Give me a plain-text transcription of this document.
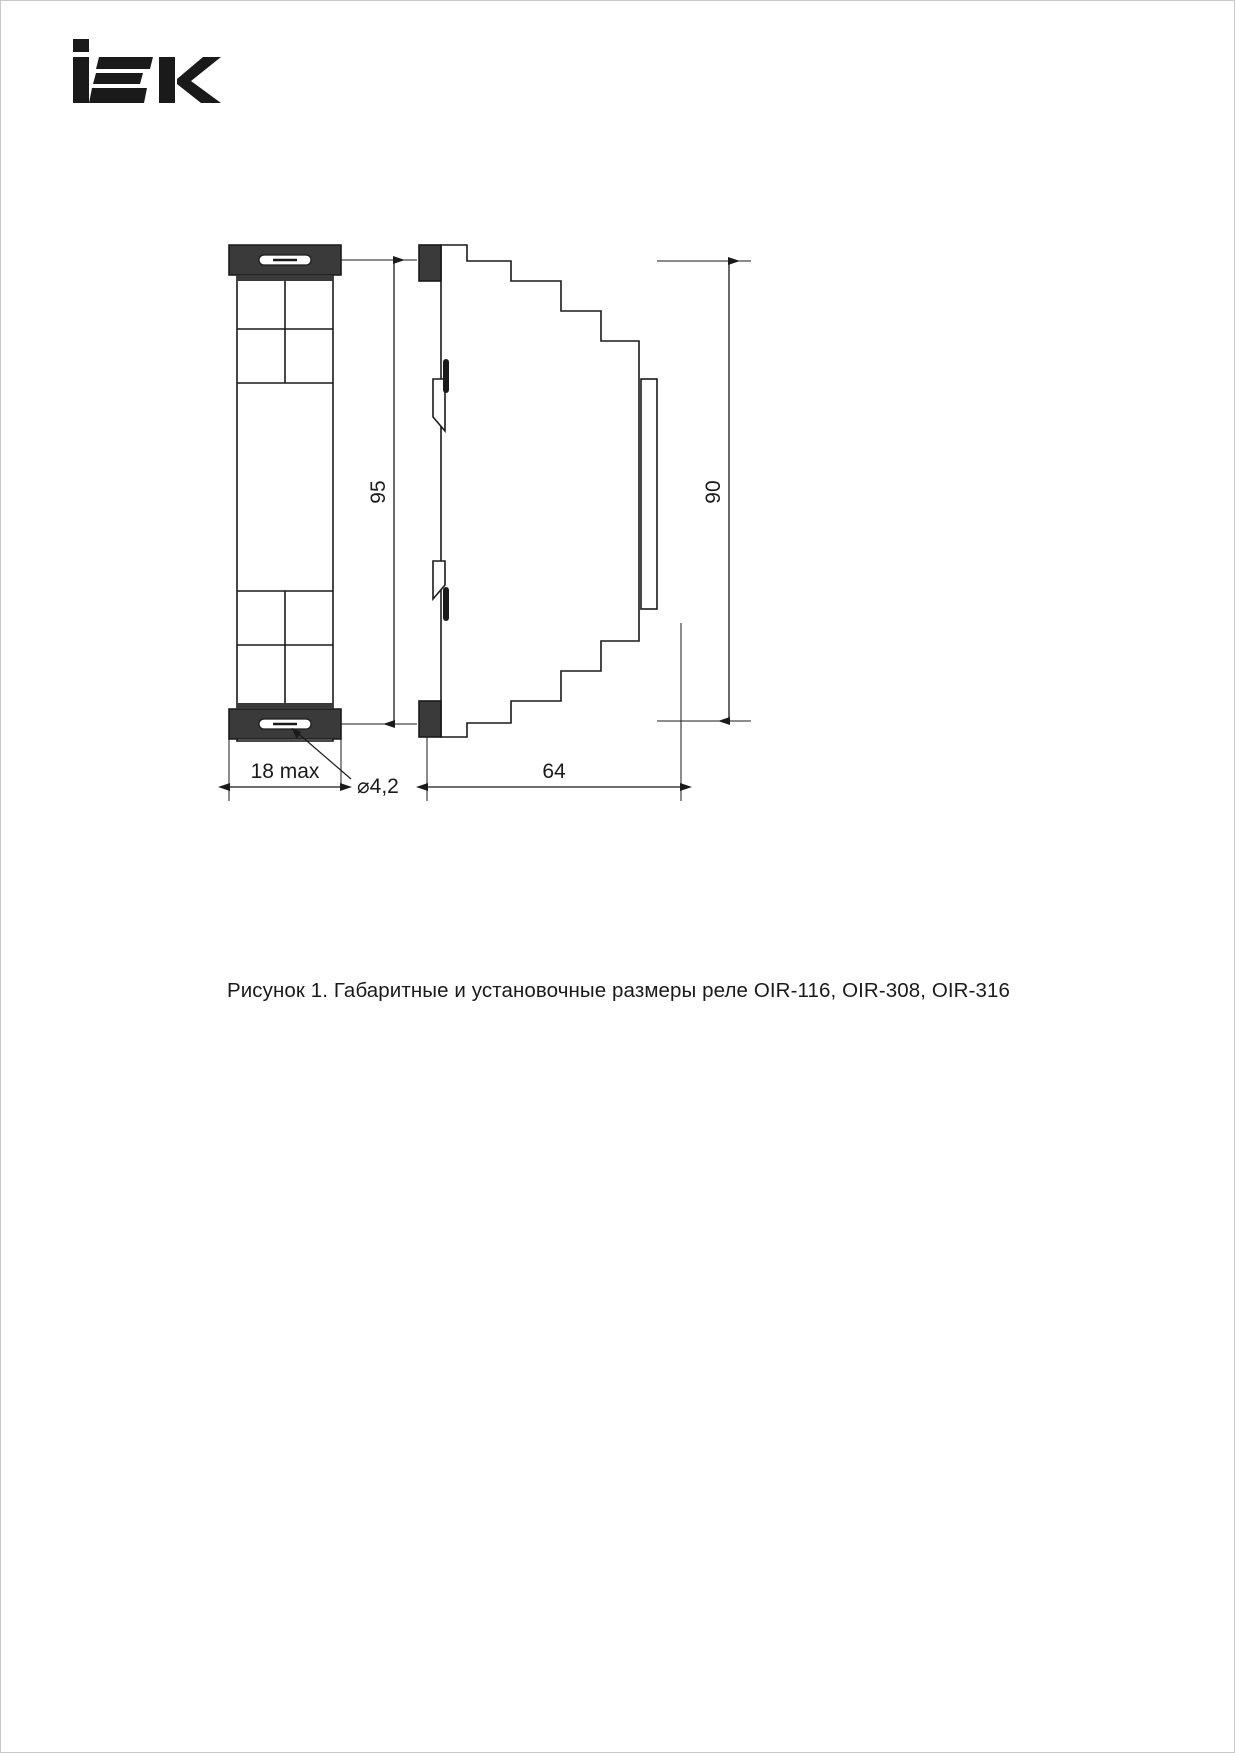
95
18 max
⌀4,2
90
64
Рисунок 1. Габаритные и установочные размеры реле OIR-116, OIR-308, OIR-316
